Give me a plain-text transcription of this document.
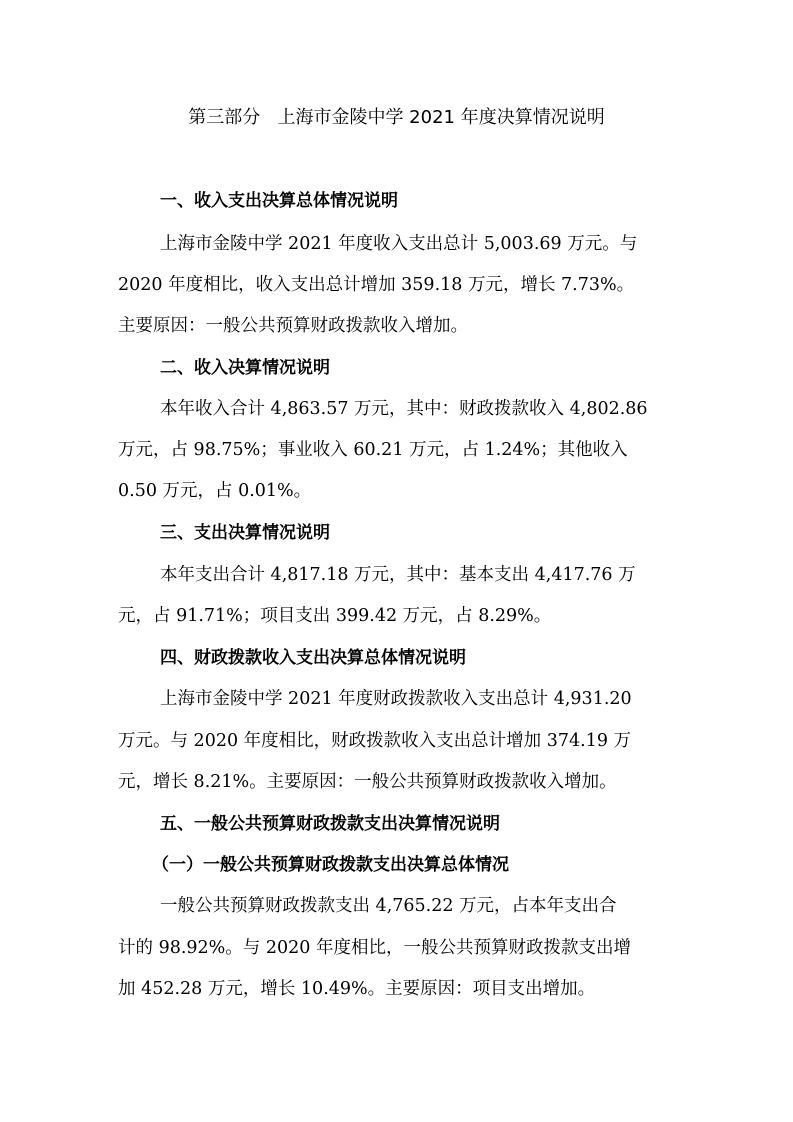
第三部分   上海市金陵中学 2021 年度决算情况说明
一、收入支出决算总体情况说明
上海市金陵中学 2021 年度收入支出总计 5,003.69 万元。与
2020 年度相比，收入支出总计增加 359.18 万元，增长 7.73%。
主要原因：一般公共预算财政拨款收入增加。
二、收入决算情况说明
本年收入合计 4,863.57 万元，其中：财政拨款收入 4,802.86
万元，占 98.75%；事业收入 60.21 万元，占 1.24%；其他收入
0.50 万元，占 0.01%。
三、支出决算情况说明
本年支出合计 4,817.18 万元，其中：基本支出 4,417.76 万
元，占 91.71%；项目支出 399.42 万元，占 8.29%。
四、财政拨款收入支出决算总体情况说明
上海市金陵中学 2021 年度财政拨款收入支出总计 4,931.20
万元。与 2020 年度相比，财政拨款收入支出总计增加 374.19 万
元，增长 8.21%。主要原因：一般公共预算财政拨款收入增加。
五、一般公共预算财政拨款支出决算情况说明
（一）一般公共预算财政拨款支出决算总体情况
一般公共预算财政拨款支出 4,765.22 万元，占本年支出合
计的 98.92%。与 2020 年度相比，一般公共预算财政拨款支出增
加 452.28 万元，增长 10.49%。主要原因：项目支出增加。
